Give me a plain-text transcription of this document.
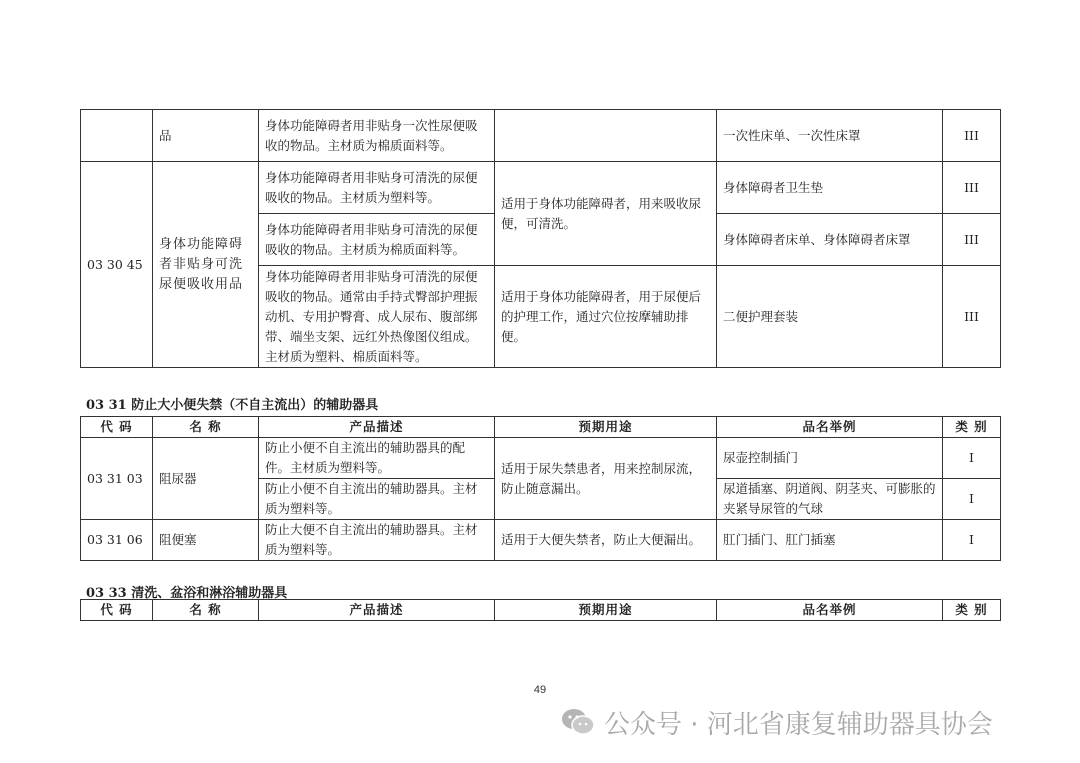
	品	身体功能障碍者用非贴身一次性尿便吸收的物品。主材质为棉质面料等。		一次性床单、一次性床罩	III
03 30 45	身体功能障碍者非贴身可洗尿便吸收用品	身体功能障碍者用非贴身可清洗的尿便吸收的物品。主材质为塑料等。	适用于身体功能障碍者，用来吸收尿便，可清洗。	身体障碍者卫生垫	III
		身体功能障碍者用非贴身可清洗的尿便吸收的物品。主材质为棉质面料等。		身体障碍者床单、身体障碍者床罩	III
		身体功能障碍者用非贴身可清洗的尿便吸收的物品。通常由手持式臀部护理振动机、专用护臀膏、成人尿布、腹部绑带、端坐支架、远红外热像图仪组成。主材质为塑料、棉质面料等。	适用于身体功能障碍者，用于尿便后的护理工作，通过穴位按摩辅助排便。	二便护理套装	III
03 31 防止大小便失禁（不自主流出）的辅助器具
代 码	名 称	产品描述	预期用途	品名举例	类 别
03 31 03	阻尿器	防止小便不自主流出的辅助器具的配件。主材质为塑料等。	适用于尿失禁患者，用来控制尿流，防止随意漏出。	尿壶控制插门	I
		防止小便不自主流出的辅助器具。主材质为塑料等。		尿道插塞、阴道阀、阴茎夹、可膨胀的夹紧导尿管的气球	I
03 31 06	阻便塞	防止大便不自主流出的辅助器具。主材质为塑料等。	适用于大便失禁者，防止大便漏出。	肛门插门、肛门插塞	I
03 33 清洗、盆浴和淋浴辅助器具
代 码	名 称	产品描述	预期用途	品名举例	类 别
49
公众号 · 河北省康复辅助器具协会
